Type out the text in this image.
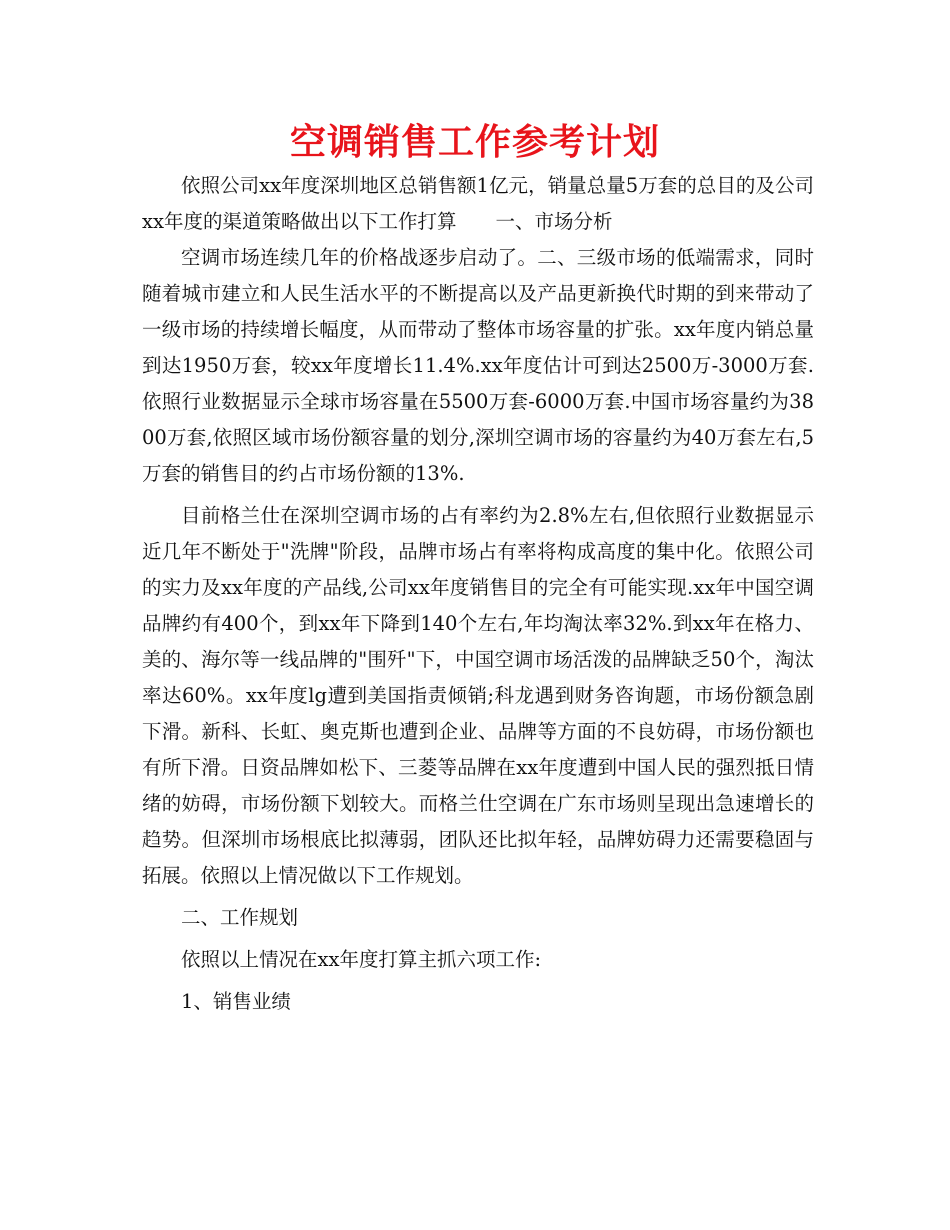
空调销售工作参考计划

依照公司xx年度深圳地区总销售额1亿元，销量总量5万套的总目的及公司xx年度的渠道策略做出以下工作打算　　一、市场分析

空调市场连续几年的价格战逐步启动了。二、三级市场的低端需求，同时随着城市建立和人民生活水平的不断提高以及产品更新换代时期的到来带动了一级市场的持续增长幅度，从而带动了整体市场容量的扩张。xx年度内销总量到达1950万套，较xx年度增长11.4%.xx年度估计可到达2500万-3000万套.依照行业数据显示全球市场容量在5500万套-6000万套.中国市场容量约为3800万套,依照区域市场份额容量的划分,深圳空调市场的容量约为40万套左右,5万套的销售目的约占市场份额的13%.

目前格兰仕在深圳空调市场的占有率约为2.8%左右,但依照行业数据显示近几年不断处于"洗牌"阶段，品牌市场占有率将构成高度的集中化。依照公司的实力及xx年度的产品线,公司xx年度销售目的完全有可能实现.xx年中国空调品牌约有400个，到xx年下降到140个左右,年均淘汰率32%.到xx年在格力、美的、海尔等一线品牌的"围歼"下，中国空调市场活泼的品牌缺乏50个，淘汰率达60%。xx年度lg遭到美国指责倾销;科龙遇到财务咨询题，市场份额急剧下滑。新科、长虹、奥克斯也遭到企业、品牌等方面的不良妨碍，市场份额也有所下滑。日资品牌如松下、三菱等品牌在xx年度遭到中国人民的强烈抵日情绪的妨碍，市场份额下划较大。而格兰仕空调在广东市场则呈现出急速增长的趋势。但深圳市场根底比拟薄弱，团队还比拟年轻，品牌妨碍力还需要稳固与拓展。依照以上情况做以下工作规划。

二、工作规划

依照以上情况在xx年度打算主抓六项工作:

1、销售业绩
